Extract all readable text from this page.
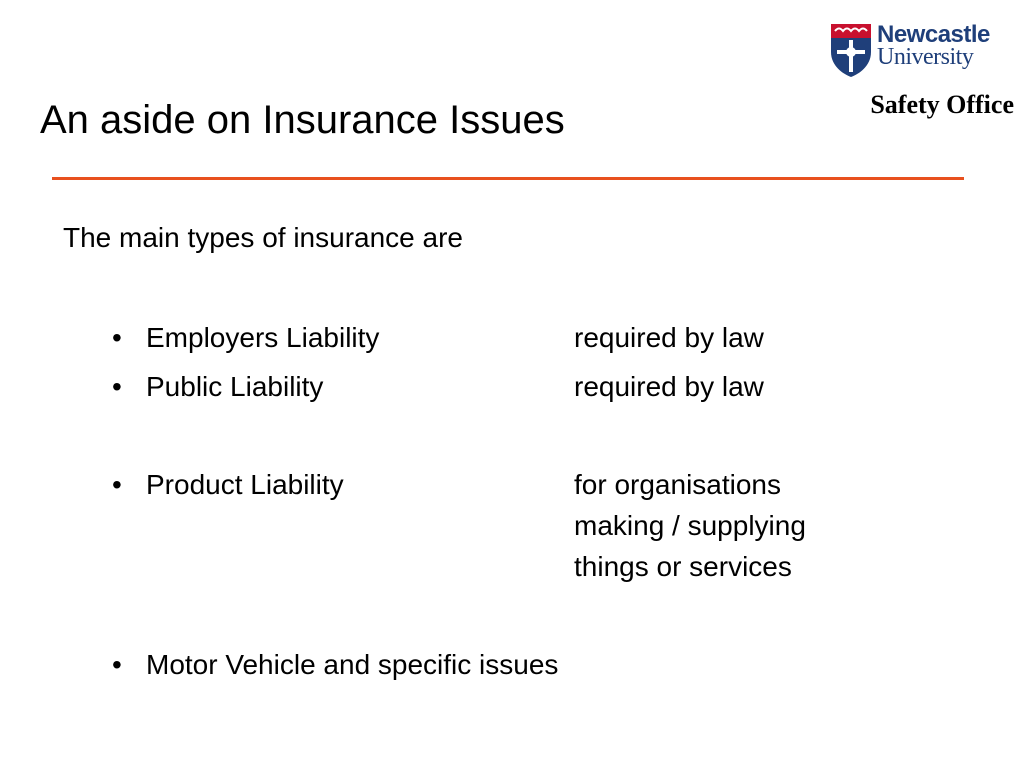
Newcastle
University
Safety Office
An aside on Insurance Issues
The main types of insurance are
• Employers Liability	required by law
• Public Liability	required by law
• Product Liability	for organisations
making / supplying
things or services
• Motor Vehicle and specific issues
